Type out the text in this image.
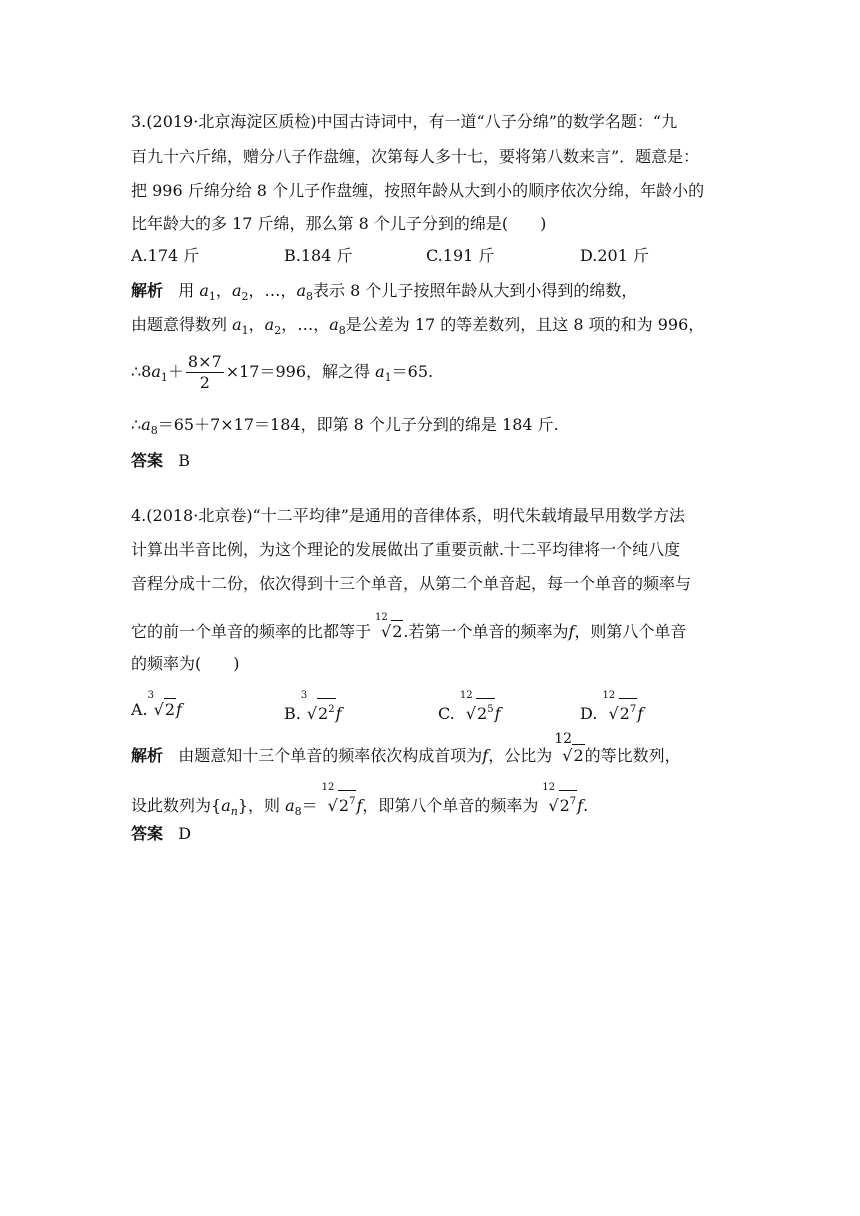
3.(2019·北京海淀区质检)中国古诗词中，有一道“八子分绵”的数学名题：“九
百九十六斤绵，赠分八子作盘缠，次第每人多十七，要将第八数来言”．题意是：
把 996 斤绵分给 8 个儿子作盘缠，按照年龄从大到小的顺序依次分绵，年龄小的
比年龄大的多 17 斤绵，那么第 8 个儿子分到的绵是(　　)
A.174 斤	B.184 斤	C.191 斤	D.201 斤
解析 用 $a_1$，$a_2$，…，$a_8$表示 8 个儿子按照年龄从大到小得到的绵数，
由题意得数列 $a_1$，$a_2$，…，$a_8$是公差为 17 的等差数列，且这 8 项的和为 996，
$\therefore 8a_1+ \frac{8\times 7}{2} \times 17=996$，解之得 $a_1=65$.
$\therefore a_8=65+7\times 17=184$，即第 8 个儿子分到的绵是 184 斤.
答案 B
4.(2018·北京卷)“十二平均律”是通用的音律体系，明代朱载堉最早用数学方法
计算出半音比例，为这个理论的发展做出了重要贡献.十二平均律将一个纯八度
音程分成十二份，依次得到十三个单音，从第二个单音起，每一个单音的频率与
它的前一个单音的频率的比都等于
12
√2.若第一个单音的频率为f，则第八个单音
的频率为(　　)
A.
3
√2f	B.
3
$√2^2f$	C.
12
$√2^5f$	D.
12
$√2^7f$
解析 由题意知十三个单音的频率依次构成首项为f，公比为
12
√2的等比数列，
设此数列为$\{a_n\}$，则 $a_8=$
12
$√2^7f$，即第八个单音的频率为
12
$√2^7f$.
答案 D
